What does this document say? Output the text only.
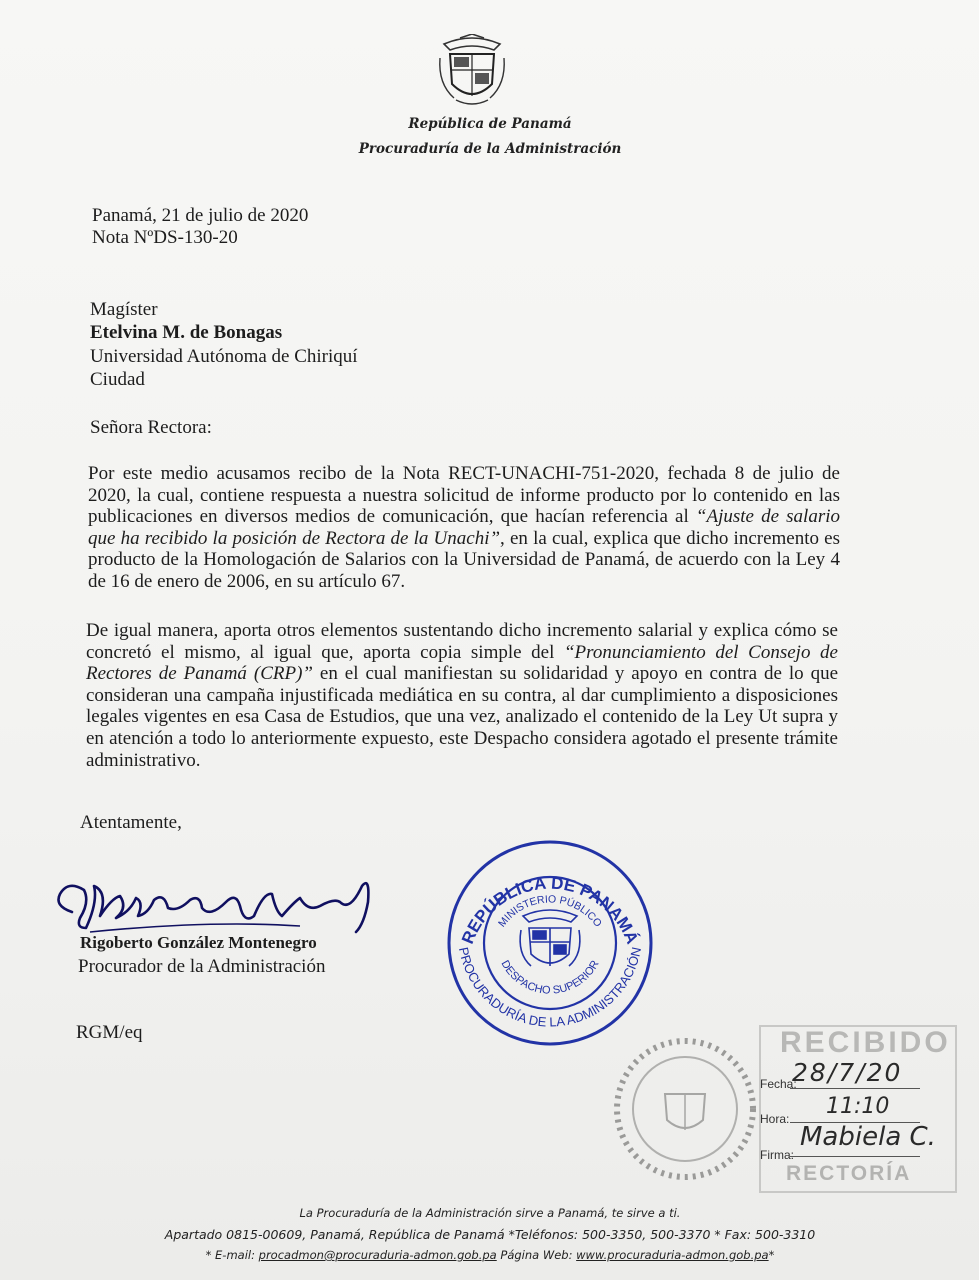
República de Panamá
Procuraduría de la Administración
Panamá, 21 de julio de 2020
Nota NºDS-130-20
Magíster
Etelvina M. de Bonagas
Universidad Autónoma de Chiriquí
Ciudad
Señora Rectora:
Por este medio acusamos recibo de la Nota RECT-UNACHI-751-2020, fechada 8 de julio de 2020, la cual, contiene respuesta a nuestra solicitud de informe producto por lo contenido en las publicaciones en diversos medios de comunicación, que hacían referencia al “Ajuste de salario que ha recibido la posición de Rectora de la Unachi”, en la cual, explica que dicho incremento es producto de la Homologación de Salarios con la Universidad de Panamá, de acuerdo con la Ley 4 de 16 de enero de 2006, en su artículo 67.
De igual manera, aporta otros elementos sustentando dicho incremento salarial y explica cómo se concretó el mismo, al igual que, aporta copia simple del “Pronunciamiento del Consejo de Rectores de Panamá (CRP)” en el cual manifiestan su solidaridad y apoyo en contra de lo que consideran una campaña injustificada mediática en su contra, al dar cumplimiento a disposiciones legales vigentes en esa Casa de Estudios, que una vez, analizado el contenido de la Ley Ut supra y en atención a todo lo anteriormente expuesto, este Despacho considera agotado el presente trámite administrativo.
Atentamente,
Rigoberto González Montenegro
Procurador de la Administración
RGM/eq
REPÚBLICA DE PANAMÁ
MINISTERIO PÚBLICO
DESPACHO SUPERIOR
PROCURADURÍA DE LA ADMINISTRACIÓN
RECIBIDO
Fecha:
28/7/20
Hora: 11:10
Firma:
Mabiela C.
RECTORÍA
La Procuraduría de la Administración sirve a Panamá, te sirve a ti.
Apartado 0815-00609, Panamá, República de Panamá *Teléfonos: 500-3350, 500-3370 * Fax: 500-3310
* E-mail: procadmon@procuraduria-admon.gob.pa Página Web: www.procuraduria-admon.gob.pa*
